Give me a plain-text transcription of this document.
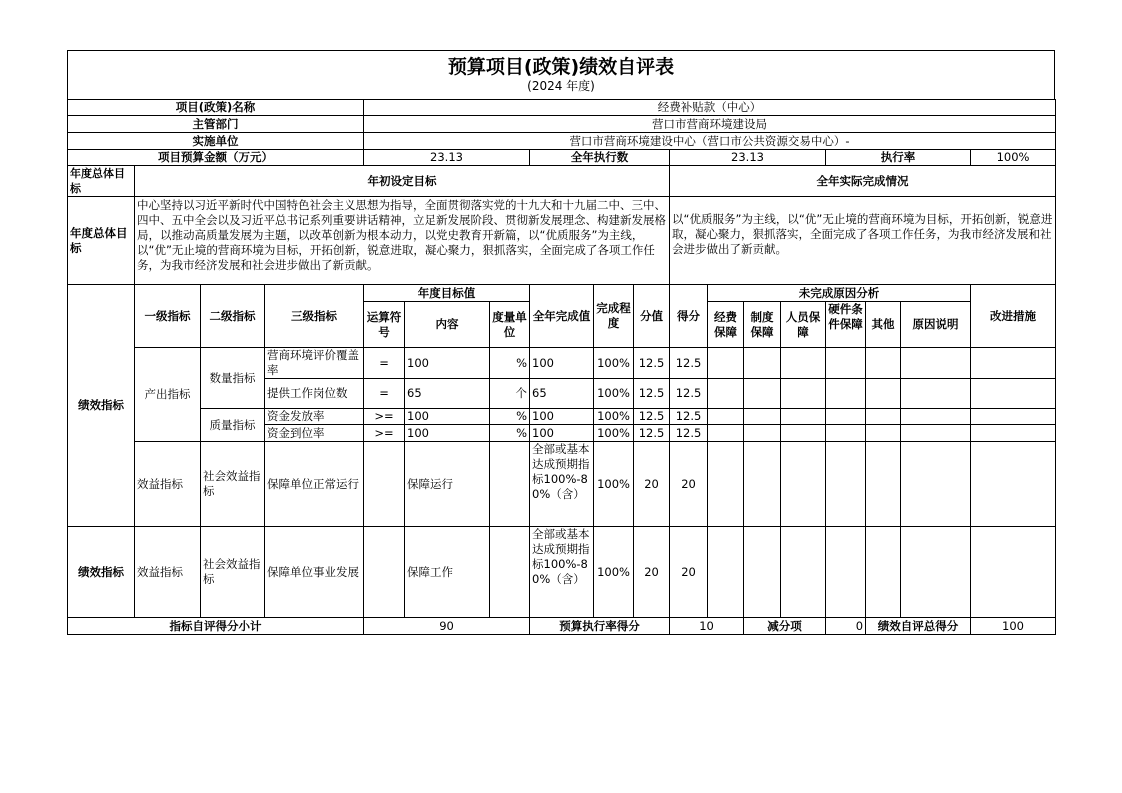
预算项目(政策)绩效自评表
(2024 年度)
项目(政策)名称				经费补贴款（中心）													
主管部门				营口市营商环境建设局													
实施单位				营口市营商环境建设中心（营口市公共资源交易中心）-													
项目预算金额（万元）				23.13			全年执行数			23.13				执行率			100%
年度总体目标	年初设定目标									全年实际完成情况							
年度总体目标	中心坚持以习近平新时代中国特色社会主义思想为指导，全面贯彻落实党的十九大和十九届二中、三中、四中、五中全会以及习近平总书记系列重要讲话精神，立足新发展阶段、贯彻新发展理念、构建新发展格局，以推动高质量发展为主题，以改革创新为根本动力，以党史教育开新篇，以“优质服务”为主线，以“优”无止境的营商环境为目标，开拓创新，锐意进取，凝心聚力，狠抓落实，全面完成了各项工作任务，为我市经济发展和社会进步做出了新贡献。									以“优质服务”为主线，以“优”无止境的营商环境为目标，开拓创新，锐意进取，凝心聚力，狠抓落实，全面完成了各项工作任务，为我市经济发展和社会进步做出了新贡献。							
绩效指标	一级指标	二级指标	三级指标	年度目标值			全年完成值	完成程度	分值	得分	未完成原因分析						改进措施
				运算符号	内容	度量单位					经费保障	制度保障	人员保障	硬件条件保障	其他	原因说明	

	产出指标	数量指标	营商环境评价覆盖率	=	100	%	100	100%	12.5	12.5							
			提供工作岗位数	=	65	个	65	100%	12.5	12.5							
		质量指标	资金发放率	>=	100	%	100	100%	12.5	12.5							
			资金到位率	>=	100	%	100	100%	12.5	12.5							
	效益指标	社会效益指标	保障单位正常运行		保障运行		全部或基本达成预期指标100%-80%（含）	100%	20	20							
绩效指标	效益指标	社会效益指标	保障单位事业发展		保障工作		全部或基本达成预期指标100%-80%（含）	100%	20	20							
指标自评得分小计				90			预算执行率得分			10		减分项		0	绩效自评总得分		100
